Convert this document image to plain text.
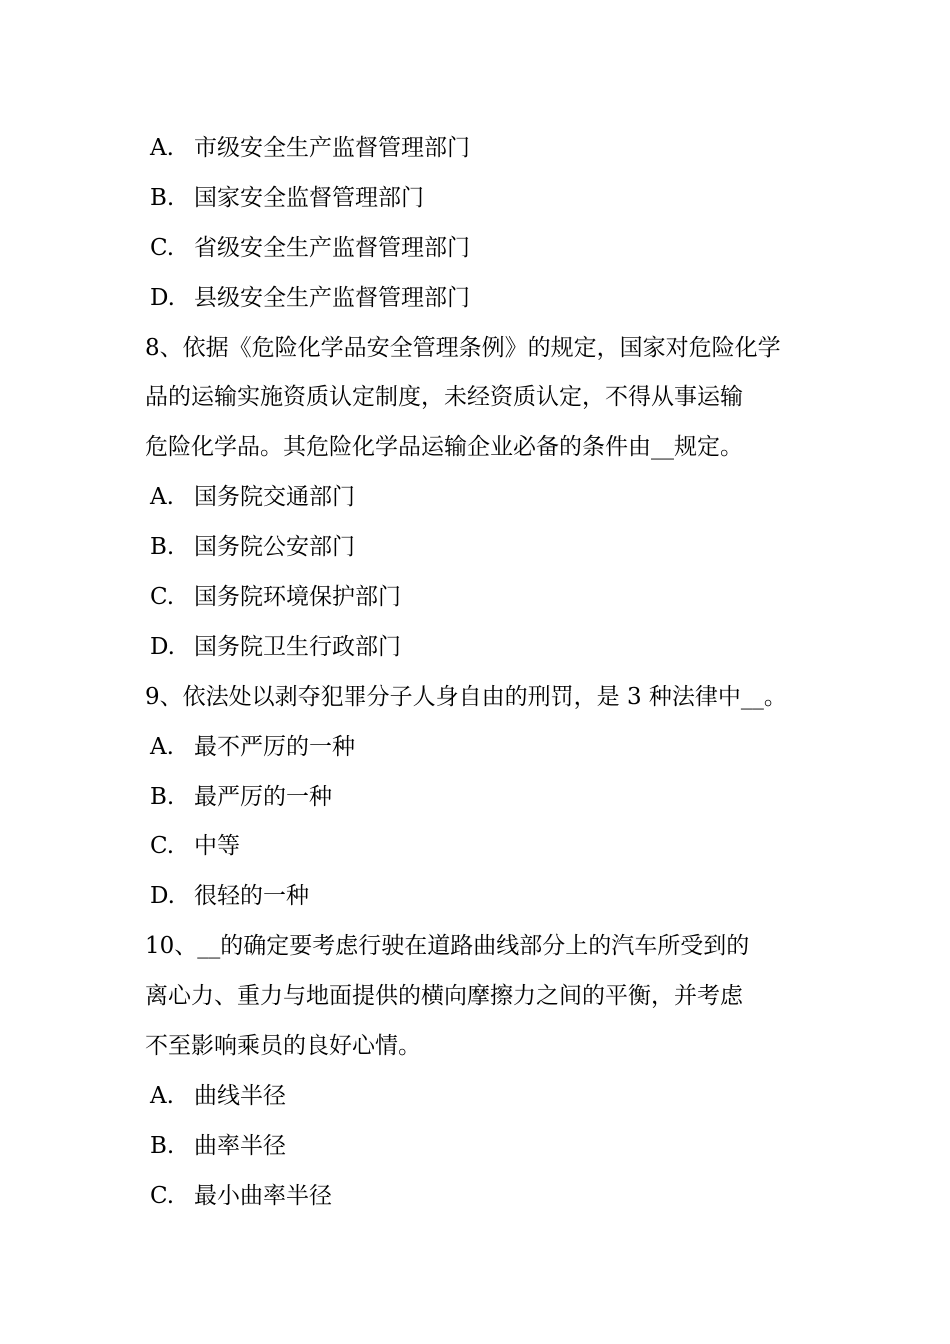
A. 市级安全生产监督管理部门
B. 国家安全监督管理部门
C. 省级安全生产监督管理部门
D. 县级安全生产监督管理部门
8、依据《危险化学品安全管理条例》的规定，国家对危险化学
品的运输实施资质认定制度，未经资质认定，不得从事运输
危险化学品。其危险化学品运输企业必备的条件由__规定。
A. 国务院交通部门
B. 国务院公安部门
C. 国务院环境保护部门
D. 国务院卫生行政部门
9、依法处以剥夺犯罪分子人身自由的刑罚，是 3 种法律中__。
A. 最不严厉的一种
B. 最严厉的一种
C. 中等
D. 很轻的一种
10、__的确定要考虑行驶在道路曲线部分上的汽车所受到的
离心力、重力与地面提供的横向摩擦力之间的平衡，并考虑
不至影响乘员的良好心情。
A. 曲线半径
B. 曲率半径
C. 最小曲率半径
